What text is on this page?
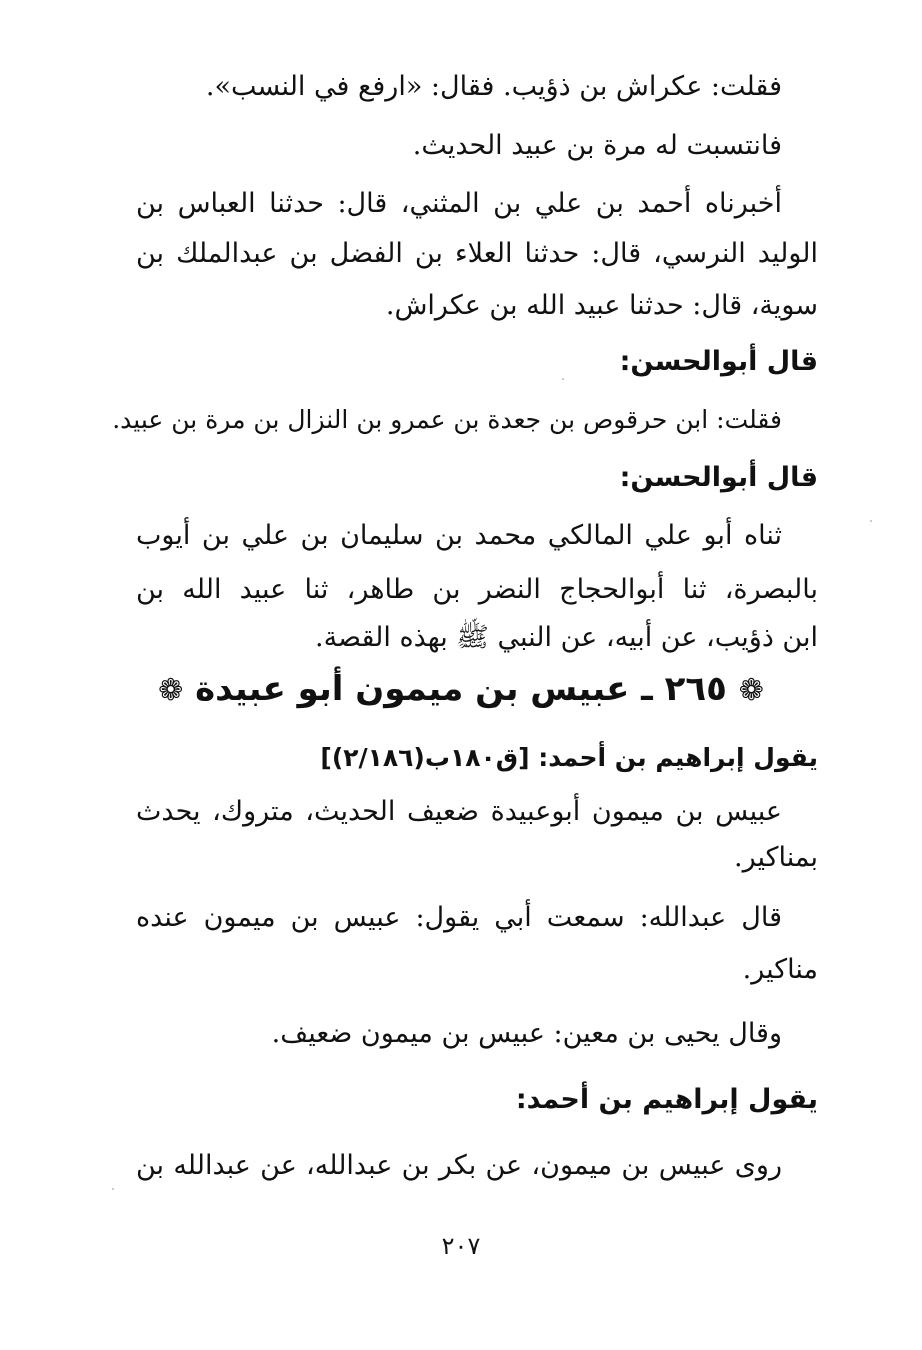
فقلت: عكراش بن ذؤيب. فقال: «ارفع في النسب».
فانتسبت له مرة بن عبيد الحديث.
أخبرناه أحمد بن علي بن المثني، قال: حدثنا العباس بن
الوليد النرسي، قال: حدثنا العلاء بن الفضل بن عبدالملك بن
سوية، قال: حدثنا عبيد الله بن عكراش.
قال أبوالحسن:
فقلت: ابن حرقوص بن جعدة بن عمرو بن النزال بن مرة بن عبيد.
قال أبوالحسن:
ثناه أبو علي المالكي محمد بن سليمان بن علي بن أيوب
بالبصرة، ثنا أبوالحجاج النضر بن طاهر، ثنا عبيد الله بن
ابن ذؤيب، عن أبيه، عن النبي ﷺ بهذه القصة.
❁ ٢٦٥ ـ عبيس بن ميمون أبو عبيدة ❁
يقول إبراهيم بن أحمد: [ق١٨٠ب(٢/١٨٦)]
عبيس بن ميمون أبوعبيدة ضعيف الحديث، متروك، يحدث
بمناكير.
قال عبدالله: سمعت أبي يقول: عبيس بن ميمون عنده
مناكير.
وقال يحيى بن معين: عبيس بن ميمون ضعيف.
يقول إبراهيم بن أحمد:
روى عبيس بن ميمون، عن بكر بن عبدالله، عن عبدالله بن
٢٠٧
